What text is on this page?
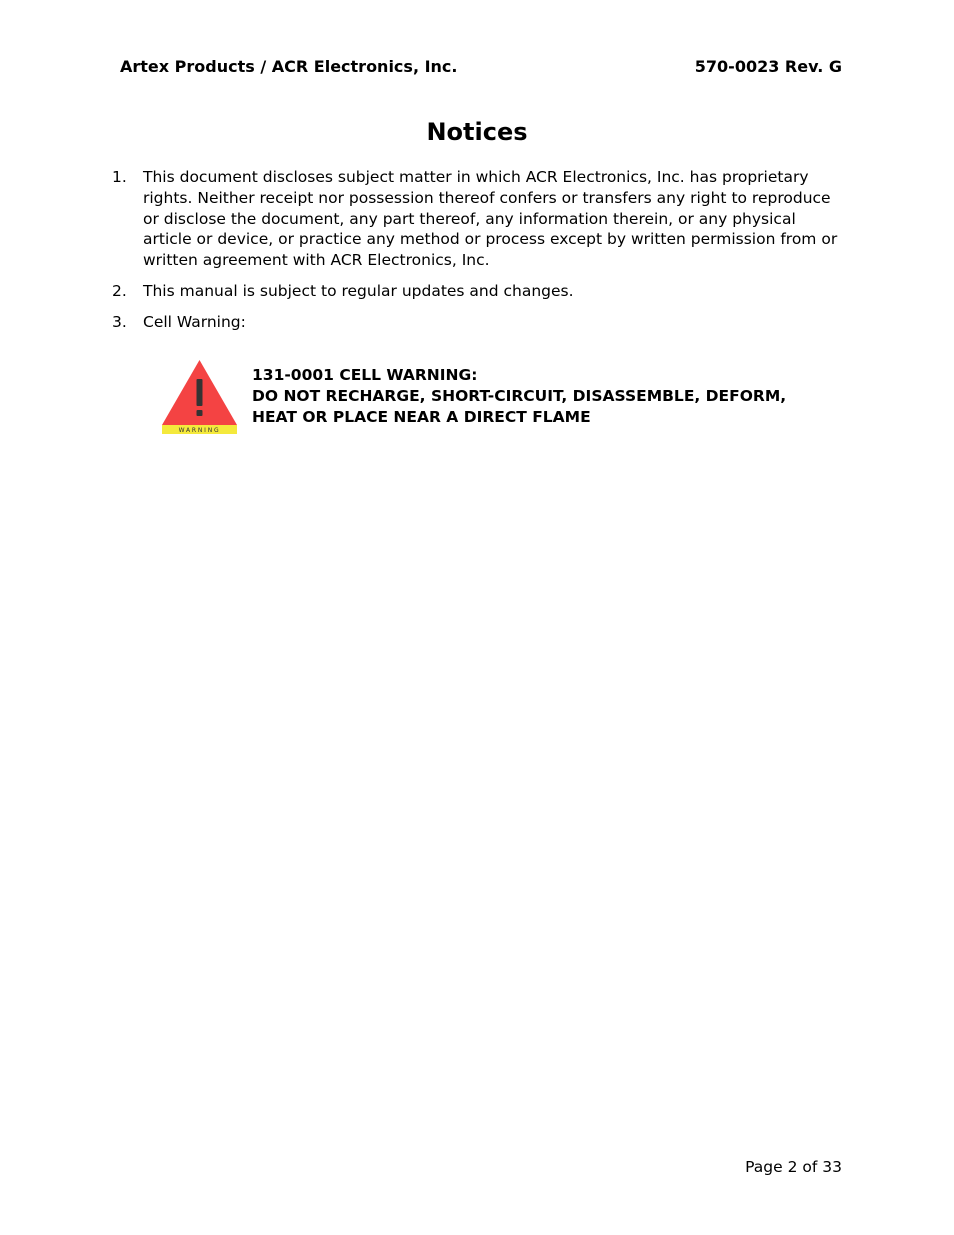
Artex Products / ACR Electronics, Inc.	570-0023 Rev. G
Notices
1.	This document discloses subject matter in which ACR Electronics, Inc. has proprietary rights. Neither receipt nor possession thereof confers or transfers any right to reproduce or disclose the document, any part thereof, any information therein, or any physical article or device, or practice any method or process except by written permission from or written agreement with ACR Electronics, Inc.
2.	This manual is subject to regular updates and changes.
3.	Cell Warning:
WARNING
131-0001 CELL WARNING:
DO NOT RECHARGE, SHORT-CIRCUIT, DISASSEMBLE, DEFORM,
HEAT OR PLACE NEAR A DIRECT FLAME
Page 2 of 33
